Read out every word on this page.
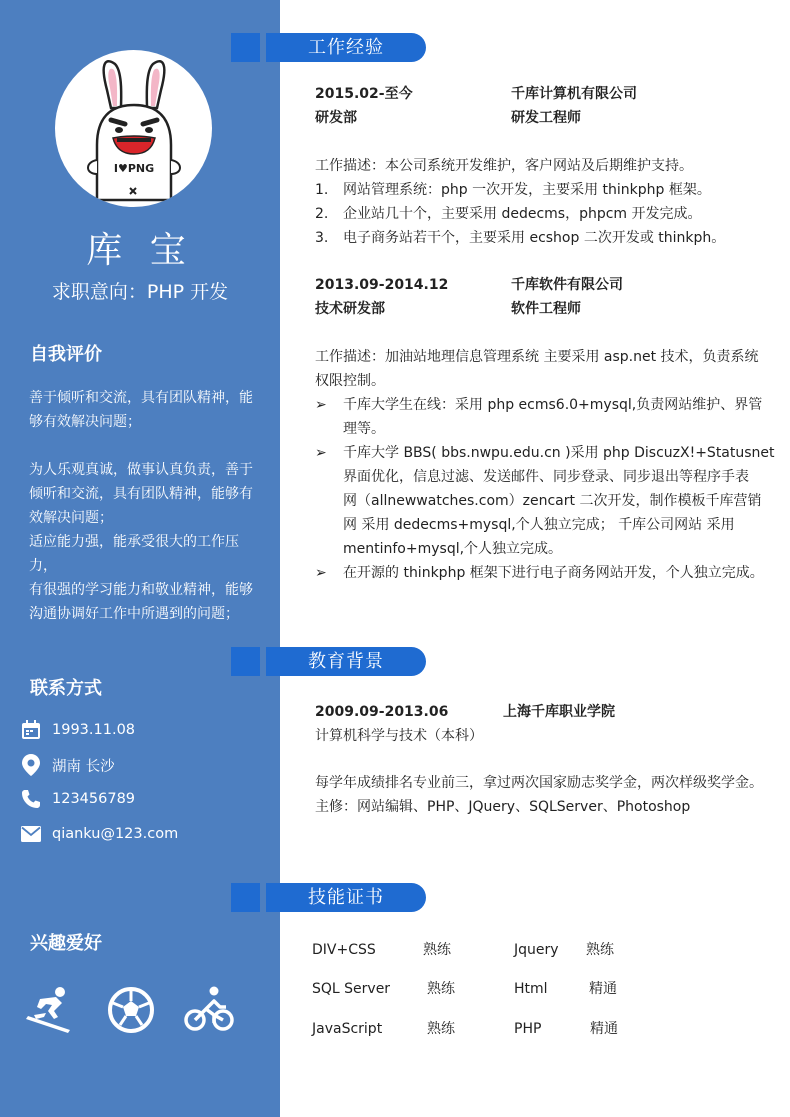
I♥PNG
库 宝
求职意向：PHP 开发
自我评价

善于倾听和交流，具有团队精神，能

够有效解决问题；

为人乐观真诚，做事认真负责，善于

倾听和交流，具有团队精神，能够有

效解决问题；

适应能力强，能承受很大的工作压力，

有很强的学习能力和敬业精神，能够

沟通协调好工作中所遇到的问题；

联系方式
1993.11.08
湖南 长沙
123456789
qianku@123.com
兴趣爱好
工作经验
2015.02-至今	千库计算机有限公司
研发部	研发工程师
工作描述：本公司系统开发维护，客户网站及后期维护支持。
1.	网站管理系统：php 一次开发，主要采用 thinkphp 框架。
2.	企业站几十个，主要采用 dedecms，phpcm 开发完成。
3.	电子商务站若干个，主要采用 ecshop 二次开发或 thinkph。
2013.09-2014.12	千库软件有限公司
技术研发部	软件工程师
工作描述：加油站地理信息管理系统 主要采用 asp.net 技术，负责系统
权限控制。
➢	千库大学生在线：采用 php ecms6.0+mysql,负责网站维护、界管
理等。
➢	千库大学 BBS( bbs.nwpu.edu.cn )采用 php DiscuzX!+Statusnet
界面优化，信息过滤、发送邮件、同步登录、同步退出等程序手表
网（allnewwatches.com）zencart 二次开发，制作模板千库营销
网 采用 dedecms+mysql,个人独立完成； 千库公司网站 采用
mentinfo+mysql,个人独立完成。
➢	在开源的 thinkphp 框架下进行电子商务网站开发，个人独立完成。
教育背景
2009.09-2013.06	上海千库职业学院
计算机科学与技术（本科）
每学年成绩排名专业前三，拿过两次国家励志奖学金，两次样级奖学金。
主修：网站编辑、PHP、JQuery、SQLServer、Photoshop
技能证书
DIV+CSS	熟练	Jquery 熟练
SQL Server	熟练	Html	精通
JavaScript	熟练	PHP	精通
